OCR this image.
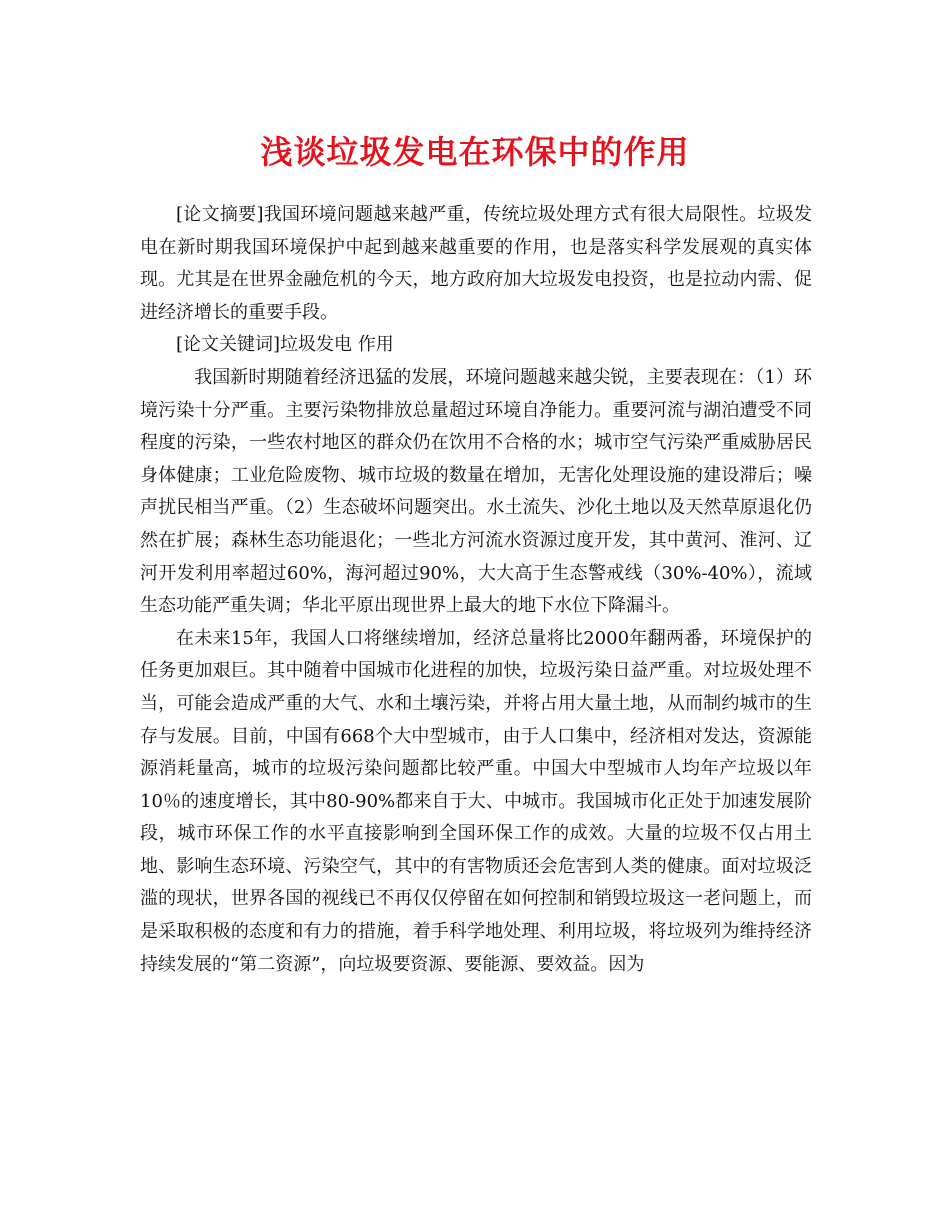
浅谈垃圾发电在环保中的作用

[论文摘要]我国环境问题越来越严重，传统垃圾处理方式有很大局限性。垃圾发电在新时期我国环境保护中起到越来越重要的作用，也是落实科学发展观的真实体现。尤其是在世界金融危机的今天，地方政府加大垃圾发电投资，也是拉动内需、促进经济增长的重要手段。

[论文关键词]垃圾发电 作用

　我国新时期随着经济迅猛的发展，环境问题越来越尖锐，主要表现在：（1）环境污染十分严重。主要污染物排放总量超过环境自净能力。重要河流与湖泊遭受不同程度的污染，一些农村地区的群众仍在饮用不合格的水；城市空气污染严重威胁居民身体健康；工业危险废物、城市垃圾的数量在增加，无害化处理设施的建设滞后；噪声扰民相当严重。（2）生态破坏问题突出。水土流失、沙化土地以及天然草原退化仍然在扩展；森林生态功能退化；一些北方河流水资源过度开发，其中黄河、淮河、辽河开发利用率超过60%，海河超过90%，大大高于生态警戒线（30%-40%），流域生态功能严重失调；华北平原出现世界上最大的地下水位下降漏斗。

在未来15年，我国人口将继续增加，经济总量将比2000年翻两番，环境保护的任务更加艰巨。其中随着中国城市化进程的加快，垃圾污染日益严重。对垃圾处理不当，可能会造成严重的大气、水和土壤污染，并将占用大量土地，从而制约城市的生存与发展。目前，中国有668个大中型城市，由于人口集中，经济相对发达，资源能源消耗量高，城市的垃圾污染问题都比较严重。中国大中型城市人均年产垃圾以年10％的速度增长，其中80-90%都来自于大、中城市。我国城市化正处于加速发展阶段，城市环保工作的水平直接影响到全国环保工作的成效。大量的垃圾不仅占用土地、影响生态环境、污染空气，其中的有害物质还会危害到人类的健康。面对垃圾泛滥的现状，世界各国的视线已不再仅仅停留在如何控制和销毁垃圾这一老问题上，而是采取积极的态度和有力的措施，着手科学地处理、利用垃圾，将垃圾列为维持经济持续发展的“第二资源”，向垃圾要资源、要能源、要效益。因为
